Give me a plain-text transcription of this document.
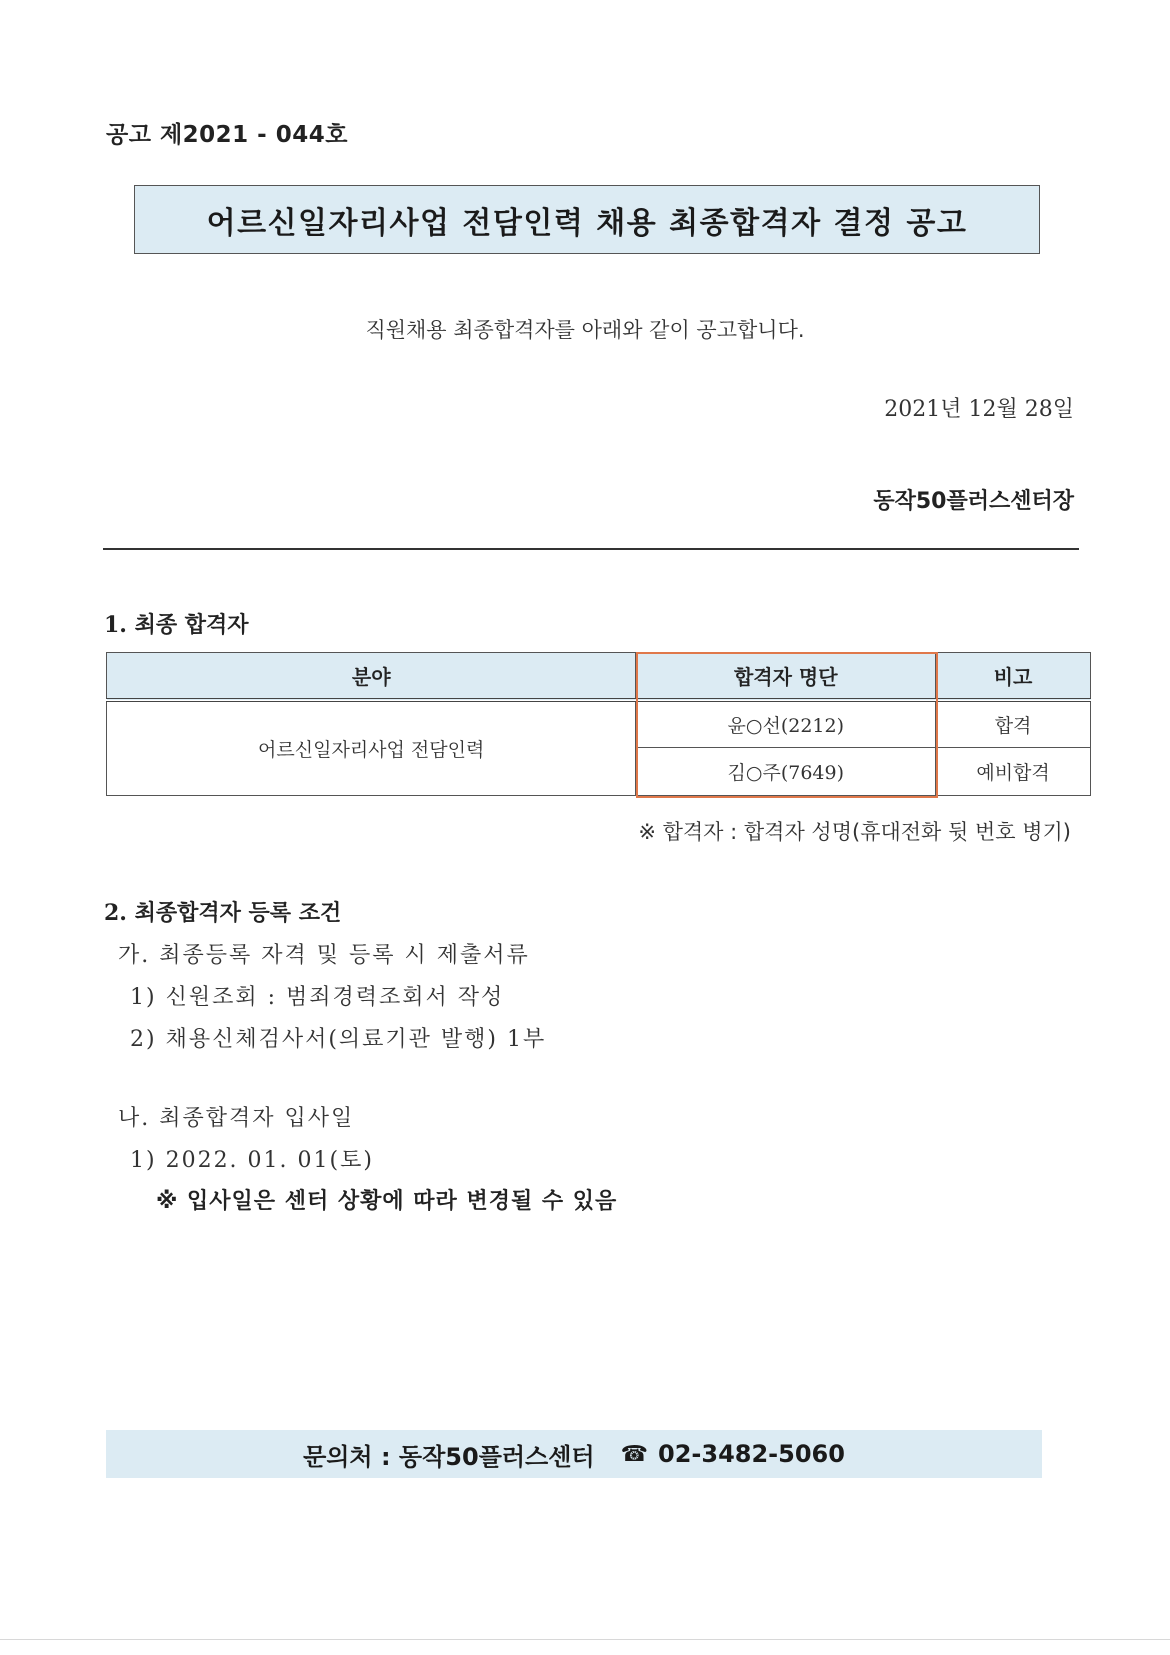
공고 제2021 - 044호
어르신일자리사업 전담인력 채용 최종합격자 결정 공고
직원채용 최종합격자를 아래와 같이 공고합니다.
2021년 12월 28일
동작50플러스센터장
1. 최종 합격자
분야	합격자 명단	비고
어르신일자리사업 전담인력	윤○선(2212)	합격
	김○주(7649)	예비합격
※ 합격자 : 합격자 성명(휴대전화 뒷 번호 병기)
2. 최종합격자 등록 조건
가. 최종등록 자격 및 등록 시 제출서류
1) 신원조회 : 범죄경력조회서 작성
2) 채용신체검사서(의료기관 발행) 1부
나. 최종합격자 입사일
1) 2022. 01. 01(토)
※ 입사일은 센터 상황에 따라 변경될 수 있음
문의처 : 동작50플러스센터 ☎ 02-3482-5060
